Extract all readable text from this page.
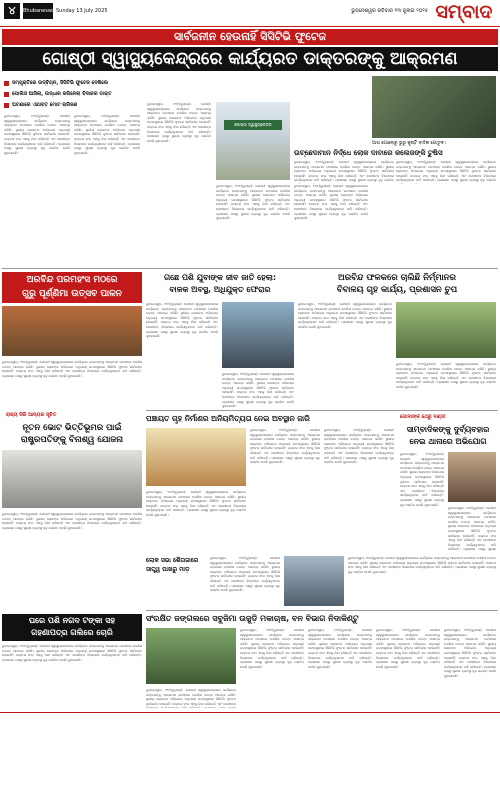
୪	Bhubaneswar
Sunday 13 July 2025	ଭୁବନେଶ୍ୱର ରବିବାର ୧୩ ଜୁଲାଇ ୨୦୨୫ ସମ୍ବାଦ
ସାର୍ବଜନୀନ ହେଉନାହିଁ ସିସିଟିଭି ଫୁଟେଜ
ଗୋଷ୍ଠୀ ସ୍ୱାସ୍ଥ୍ୟକେନ୍ଦ୍ରରେ କାର୍ଯ୍ୟରତ ଡାକ୍ତରଙ୍କୁ ଆକ୍ରମଣ
ସମ୍ପୃକ୍ତିରେ ଉଦ୍‌ବିଗ୍ନ, ସିସିଟିଭି ଫୁଟେଜ ଦେଖିଲେ
ପୋଲିସ ଆସିଲା, ଉଦ୍ଧାର କରିନେଲା ବିଦାକର ଡାକ୍ତ
ଘଟଣାରେ ଏଯାବତ ମୋଟ ଚାରିଜଣ
ଭୁବନେଶ୍ୱର, ୧୨ା୭(ବ୍ୟୁରୋ): ଗୋଷ୍ଠୀ ସ୍ୱାସ୍ଥ୍ୟକେନ୍ଦ୍ରରେ କାର୍ଯ୍ୟରତ ଡାକ୍ତରଙ୍କୁ ଆକ୍ରମଣ ଘଟଣାରେ ପୋଲିସ ତଦନ୍ତ ଆରମ୍ଭ କରିଛି। ସ୍ଥାନୀୟ ଲୋକଙ୍କ ଅଭିଯୋଗ ଅନୁଯାୟୀ ଘଟଣାସ୍ଥଳରେ ସିସିଟିଭି ଫୁଟେଜ ସାର୍ବଜନୀନ ହେଉନାହିଁ। ଡାକ୍ତର ସଂଘ ଏହାକୁ ନିନ୍ଦା କରିଛନ୍ତି ଏବଂ ଦୋଷୀଙ୍କ ବିରୋଧରେ କାର୍ଯ୍ୟାନୁଷ୍ଠାନ ଦାବି କରିଛନ୍ତି। ପ୍ରଶାସନ ପକ୍ଷରୁ ସୁରକ୍ଷା ବ୍ୟବସ୍ଥା ଦୃଢ଼ କରାଯିବ ବୋଲି କୁହାଯାଇଛି।
ଭୁବନେଶ୍ୱର, ୧୨ା୭(ବ୍ୟୁରୋ): ଗୋଷ୍ଠୀ ସ୍ୱାସ୍ଥ୍ୟକେନ୍ଦ୍ରରେ କାର୍ଯ୍ୟରତ ଡାକ୍ତରଙ୍କୁ ଆକ୍ରମଣ ଘଟଣାରେ ପୋଲିସ ତଦନ୍ତ ଆରମ୍ଭ କରିଛି। ସ୍ଥାନୀୟ ଲୋକଙ୍କ ଅଭିଯୋଗ ଅନୁଯାୟୀ ଘଟଣାସ୍ଥଳରେ ସିସିଟିଭି ଫୁଟେଜ ସାର୍ବଜନୀନ ହେଉନାହିଁ। ଡାକ୍ତର ସଂଘ ଏହାକୁ ନିନ୍ଦା କରିଛନ୍ତି ଏବଂ ଦୋଷୀଙ୍କ ବିରୋଧରେ କାର୍ଯ୍ୟାନୁଷ୍ଠାନ ଦାବି କରିଛନ୍ତି। ପ୍ରଶାସନ ପକ୍ଷରୁ ସୁରକ୍ଷା ବ୍ୟବସ୍ଥା ଦୃଢ଼ କରାଯିବ ବୋଲି କୁହାଯାଇଛି।
ଭୁବନେଶ୍ୱର, ୧୨ା୭(ବ୍ୟୁରୋ): ଗୋଷ୍ଠୀ ସ୍ୱାସ୍ଥ୍ୟକେନ୍ଦ୍ରରେ କାର୍ଯ୍ୟରତ ଡାକ୍ତରଙ୍କୁ ଆକ୍ରମଣ ଘଟଣାରେ ପୋଲିସ ତଦନ୍ତ ଆରମ୍ଭ କରିଛି। ସ୍ଥାନୀୟ ଲୋକଙ୍କ ଅଭିଯୋଗ ଅନୁଯାୟୀ ଘଟଣାସ୍ଥଳରେ ସିସିଟିଭି ଫୁଟେଜ ସାର୍ବଜନୀନ ହେଉନାହିଁ। ଡାକ୍ତର ସଂଘ ଏହାକୁ ନିନ୍ଦା କରିଛନ୍ତି ଏବଂ ଦୋଷୀଙ୍କ ବିରୋଧରେ କାର୍ଯ୍ୟାନୁଷ୍ଠାନ ଦାବି କରିଛନ୍ତି। ପ୍ରଶାସନ ପକ୍ଷରୁ ସୁରକ୍ଷା ବ୍ୟବସ୍ଥା ଦୃଢ଼ କରାଯିବ ବୋଲି କୁହାଯାଇଛି।
ଗୋଷ୍ଠୀ ସ୍ୱାସ୍ଥ୍ୟକେନ୍ଦ୍ର
ଭୁବନେଶ୍ୱର, ୧୨ା୭(ବ୍ୟୁରୋ): ଗୋଷ୍ଠୀ ସ୍ୱାସ୍ଥ୍ୟକେନ୍ଦ୍ରରେ କାର୍ଯ୍ୟରତ ଡାକ୍ତରଙ୍କୁ ଆକ୍ରମଣ ଘଟଣାରେ ପୋଲିସ ତଦନ୍ତ ଆରମ୍ଭ କରିଛି। ସ୍ଥାନୀୟ ଲୋକଙ୍କ ଅଭିଯୋଗ ଅନୁଯାୟୀ ଘଟଣାସ୍ଥଳରେ ସିସିଟିଭି ଫୁଟେଜ ସାର୍ବଜନୀନ ହେଉନାହିଁ। ଡାକ୍ତର ସଂଘ ଏହାକୁ ନିନ୍ଦା କରିଛନ୍ତି ଏବଂ ଦୋଷୀଙ୍କ ବିରୋଧରେ କାର୍ଯ୍ୟାନୁଷ୍ଠାନ ଦାବି କରିଛନ୍ତି। ପ୍ରଶାସନ ପକ୍ଷରୁ ସୁରକ୍ଷା ବ୍ୟବସ୍ଥା ଦୃଢ଼ କରାଯିବ ବୋଲି କୁହାଯାଇଛି।
ଭୁବନେଶ୍ୱର, ୧୨ା୭(ବ୍ୟୁରୋ): ଗୋଷ୍ଠୀ ସ୍ୱାସ୍ଥ୍ୟକେନ୍ଦ୍ରରେ କାର୍ଯ୍ୟରତ ଡାକ୍ତରଙ୍କୁ ଆକ୍ରମଣ ଘଟଣାରେ ପୋଲିସ ତଦନ୍ତ ଆରମ୍ଭ କରିଛି। ସ୍ଥାନୀୟ ଲୋକଙ୍କ ଅଭିଯୋଗ ଅନୁଯାୟୀ ଘଟଣାସ୍ଥଳରେ ସିସିଟିଭି ଫୁଟେଜ ସାର୍ବଜନୀନ ହେଉନାହିଁ। ଡାକ୍ତର ସଂଘ ଏହାକୁ ନିନ୍ଦା କରିଛନ୍ତି ଏବଂ ଦୋଷୀଙ୍କ ବିରୋଧରେ କାର୍ଯ୍ୟାନୁଷ୍ଠାନ ଦାବି କରିଛନ୍ତି। ପ୍ରଶାସନ ପକ୍ଷରୁ ସୁରକ୍ଷା ବ୍ୟବସ୍ଥା ଦୃଢ଼ କରାଯିବ ବୋଲି କୁହାଯାଇଛି।
ଆଘ ପୋଲୋରୁ ଭୁରୁ କୁଷ୍ଟି ବାଦିକ ଗୋତୁଳ।
ଉଚ୍ଛେଦାମାନ ନିର୍ଦ୍ଧେ ଲୋକ ଦାବାରେ କଲେଜଙ୍କି ଟୁଷିସ
ଭୁବନେଶ୍ୱର, ୧୨ା୭(ବ୍ୟୁରୋ): ଗୋଷ୍ଠୀ ସ୍ୱାସ୍ଥ୍ୟକେନ୍ଦ୍ରରେ କାର୍ଯ୍ୟରତ ଡାକ୍ତରଙ୍କୁ ଆକ୍ରମଣ ଘଟଣାରେ ପୋଲିସ ତଦନ୍ତ ଆରମ୍ଭ କରିଛି। ସ୍ଥାନୀୟ ଲୋକଙ୍କ ଅଭିଯୋଗ ଅନୁଯାୟୀ ଘଟଣାସ୍ଥଳରେ ସିସିଟିଭି ଫୁଟେଜ ସାର୍ବଜନୀନ ହେଉନାହିଁ। ଡାକ୍ତର ସଂଘ ଏହାକୁ ନିନ୍ଦା କରିଛନ୍ତି ଏବଂ ଦୋଷୀଙ୍କ ବିରୋଧରେ କାର୍ଯ୍ୟାନୁଷ୍ଠାନ ଦାବି କରିଛନ୍ତି। ପ୍ରଶାସନ ପକ୍ଷରୁ ସୁରକ୍ଷା ବ୍ୟବସ୍ଥା ଦୃଢ଼ କରାଯିବ
ଭୁବନେଶ୍ୱର, ୧୨ା୭(ବ୍ୟୁରୋ): ଗୋଷ୍ଠୀ ସ୍ୱାସ୍ଥ୍ୟକେନ୍ଦ୍ରରେ କାର୍ଯ୍ୟରତ ଡାକ୍ତରଙ୍କୁ ଆକ୍ରମଣ ଘଟଣାରେ ପୋଲିସ ତଦନ୍ତ ଆରମ୍ଭ କରିଛି। ସ୍ଥାନୀୟ ଲୋକଙ୍କ ଅଭିଯୋଗ ଅନୁଯାୟୀ ଘଟଣାସ୍ଥଳରେ ସିସିଟିଭି ଫୁଟେଜ ସାର୍ବଜନୀନ ହେଉନାହିଁ। ଡାକ୍ତର ସଂଘ ଏହାକୁ ନିନ୍ଦା କରିଛନ୍ତି ଏବଂ ଦୋଷୀଙ୍କ ବିରୋଧରେ କାର୍ଯ୍ୟାନୁଷ୍ଠାନ ଦାବି କରିଛନ୍ତି। ପ୍ରଶାସନ ପକ୍ଷରୁ ସୁରକ୍ଷା ବ୍ୟବସ୍ଥା ଦୃଢ଼ କରାଯିବ
ଅରବିନ୍ଦ ପରମହଂସ ମଠରେ
ଗୁରୁ ପୂର୍ଣ୍ଣିମା ଉତ୍ସବ ପାଳନ
ଭୁବନେଶ୍ୱର, ୧୨ା୭(ବ୍ୟୁରୋ): ଗୋଷ୍ଠୀ ସ୍ୱାସ୍ଥ୍ୟକେନ୍ଦ୍ରରେ କାର୍ଯ୍ୟରତ ଡାକ୍ତରଙ୍କୁ ଆକ୍ରମଣ ଘଟଣାରେ ପୋଲିସ ତଦନ୍ତ ଆରମ୍ଭ କରିଛି। ସ୍ଥାନୀୟ ଲୋକଙ୍କ ଅଭିଯୋଗ ଅନୁଯାୟୀ ଘଟଣାସ୍ଥଳରେ ସିସିଟିଭି ଫୁଟେଜ ସାର୍ବଜନୀନ ହେଉନାହିଁ। ଡାକ୍ତର ସଂଘ ଏହାକୁ ନିନ୍ଦା କରିଛନ୍ତି ଏବଂ ଦୋଷୀଙ୍କ ବିରୋଧରେ କାର୍ଯ୍ୟାନୁଷ୍ଠାନ ଦାବି କରିଛନ୍ତି। ପ୍ରଶାସନ ପକ୍ଷରୁ ସୁରକ୍ଷା ବ୍ୟବସ୍ଥା ଦୃଢ଼ କରାଯିବ ବୋଲି କୁହାଯାଇଛି।
ରାଜ୍ୟ ସିରି ଆଦ୍ୟର ସୂଚିତ
ନୂତନ ଭୋଟ ଭିତ୍ତିଭୂମର ପାଇଁ
ରାଷ୍ଟ୍ରପତିଙ୍କୁ ବିନାଶ୍ୱ ଯୋଜନା
ଭୁବନେଶ୍ୱର, ୧୨ା୭(ବ୍ୟୁରୋ): ଗୋଷ୍ଠୀ ସ୍ୱାସ୍ଥ୍ୟକେନ୍ଦ୍ରରେ କାର୍ଯ୍ୟରତ ଡାକ୍ତରଙ୍କୁ ଆକ୍ରମଣ ଘଟଣାରେ ପୋଲିସ ତଦନ୍ତ ଆରମ୍ଭ କରିଛି। ସ୍ଥାନୀୟ ଲୋକଙ୍କ ଅଭିଯୋଗ ଅନୁଯାୟୀ ଘଟଣାସ୍ଥଳରେ ସିସିଟିଭି ଫୁଟେଜ ସାର୍ବଜନୀନ ହେଉନାହିଁ। ଡାକ୍ତର ସଂଘ ଏହାକୁ ନିନ୍ଦା କରିଛନ୍ତି ଏବଂ ଦୋଷୀଙ୍କ ବିରୋଧରେ କାର୍ଯ୍ୟାନୁଷ୍ଠାନ ଦାବି କରିଛନ୍ତି। ପ୍ରଶାସନ ପକ୍ଷରୁ ସୁରକ୍ଷା ବ୍ୟବସ୍ଥା ଦୃଢ଼ କରାଯିବ ବୋଲି କୁହାଯାଇଛି।
ଘରେ ପଶି ନଗଦ ଟଙ୍କା ସହ
ଗହଣାପତ୍ର ଗଲିରେ ଚୋରି
ଭୁବନେଶ୍ୱର, ୧୨ା୭(ବ୍ୟୁରୋ): ଗୋଷ୍ଠୀ ସ୍ୱାସ୍ଥ୍ୟକେନ୍ଦ୍ରରେ କାର୍ଯ୍ୟରତ ଡାକ୍ତରଙ୍କୁ ଆକ୍ରମଣ ଘଟଣାରେ ପୋଲିସ ତଦନ୍ତ ଆରମ୍ଭ କରିଛି। ସ୍ଥାନୀୟ ଲୋକଙ୍କ ଅଭିଯୋଗ ଅନୁଯାୟୀ ଘଟଣାସ୍ଥଳରେ ସିସିଟିଭି ଫୁଟେଜ ସାର୍ବଜନୀନ ହେଉନାହିଁ। ଡାକ୍ତର ସଂଘ ଏହାକୁ ନିନ୍ଦା କରିଛନ୍ତି ଏବଂ ଦୋଷୀଙ୍କ ବିରୋଧରେ କାର୍ଯ୍ୟାନୁଷ୍ଠାନ ଦାବି କରିଛନ୍ତି। ପ୍ରଶାସନ ପକ୍ଷରୁ ସୁରକ୍ଷା ବ୍ୟବସ୍ଥା ଦୃଢ଼ କରାଯିବ ବୋଲି କୁହାଯାଇଛି।
ଗଛେ ପଶି ଯୁବାଙ୍କ ଜୀବ ଜାତି ହେଲା:
ବାଳକ ଅବସ୍ଥ, ଅଧିଯୁକ୍ତ ଫେରାର
ଭୁବନେଶ୍ୱର, ୧୨ା୭(ବ୍ୟୁରୋ): ଗୋଷ୍ଠୀ ସ୍ୱାସ୍ଥ୍ୟକେନ୍ଦ୍ରରେ କାର୍ଯ୍ୟରତ ଡାକ୍ତରଙ୍କୁ ଆକ୍ରମଣ ଘଟଣାରେ ପୋଲିସ ତଦନ୍ତ ଆରମ୍ଭ କରିଛି। ସ୍ଥାନୀୟ ଲୋକଙ୍କ ଅଭିଯୋଗ ଅନୁଯାୟୀ ଘଟଣାସ୍ଥଳରେ ସିସିଟିଭି ଫୁଟେଜ ସାର୍ବଜନୀନ ହେଉନାହିଁ। ଡାକ୍ତର ସଂଘ ଏହାକୁ ନିନ୍ଦା କରିଛନ୍ତି ଏବଂ ଦୋଷୀଙ୍କ ବିରୋଧରେ କାର୍ଯ୍ୟାନୁଷ୍ଠାନ ଦାବି କରିଛନ୍ତି। ପ୍ରଶାସନ ପକ୍ଷରୁ ସୁରକ୍ଷା ବ୍ୟବସ୍ଥା ଦୃଢ଼ କରାଯିବ ବୋଲି କୁହାଯାଇଛି।
ଭୁବନେଶ୍ୱର, ୧୨ା୭(ବ୍ୟୁରୋ): ଗୋଷ୍ଠୀ ସ୍ୱାସ୍ଥ୍ୟକେନ୍ଦ୍ରରେ କାର୍ଯ୍ୟରତ ଡାକ୍ତରଙ୍କୁ ଆକ୍ରମଣ ଘଟଣାରେ ପୋଲିସ ତଦନ୍ତ ଆରମ୍ଭ କରିଛି। ସ୍ଥାନୀୟ ଲୋକଙ୍କ ଅଭିଯୋଗ ଅନୁଯାୟୀ ଘଟଣାସ୍ଥଳରେ ସିସିଟିଭି ଫୁଟେଜ ସାର୍ବଜନୀନ ହେଉନାହିଁ। ଡାକ୍ତର ସଂଘ ଏହାକୁ ନିନ୍ଦା କରିଛନ୍ତି ଏବଂ ଦୋଷୀଙ୍କ ବିରୋଧରେ କାର୍ଯ୍ୟାନୁଷ୍ଠାନ ଦାବି କରିଛନ୍ତି। ପ୍ରଶାସନ ପକ୍ଷରୁ ସୁରକ୍ଷା ବ୍ୟବସ୍ଥା ଦୃଢ଼ କରାଯିବ ବୋଲି କୁହାଯାଇଛି।
ଅରବିନ୍ଦ ଫଳକରେ ଚାଲିଛି ନିର୍ମ୍ମାନର
ବିବାଳୟ ଗୃହ କାର୍ଯ୍ୟ, ପ୍ରଶାସନ ଚୁପ
ଭୁବନେଶ୍ୱର, ୧୨ା୭(ବ୍ୟୁରୋ): ଗୋଷ୍ଠୀ ସ୍ୱାସ୍ଥ୍ୟକେନ୍ଦ୍ରରେ କାର୍ଯ୍ୟରତ ଡାକ୍ତରଙ୍କୁ ଆକ୍ରମଣ ଘଟଣାରେ ପୋଲିସ ତଦନ୍ତ ଆରମ୍ଭ କରିଛି। ସ୍ଥାନୀୟ ଲୋକଙ୍କ ଅଭିଯୋଗ ଅନୁଯାୟୀ ଘଟଣାସ୍ଥଳରେ ସିସିଟିଭି ଫୁଟେଜ ସାର୍ବଜନୀନ ହେଉନାହିଁ। ଡାକ୍ତର ସଂଘ ଏହାକୁ ନିନ୍ଦା କରିଛନ୍ତି ଏବଂ ଦୋଷୀଙ୍କ ବିରୋଧରେ କାର୍ଯ୍ୟାନୁଷ୍ଠାନ ଦାବି କରିଛନ୍ତି। ପ୍ରଶାସନ ପକ୍ଷରୁ ସୁରକ୍ଷା ବ୍ୟବସ୍ଥା ଦୃଢ଼ କରାଯିବ ବୋଲି କୁହାଯାଇଛି।
ଭୁବନେଶ୍ୱର, ୧୨ା୭(ବ୍ୟୁରୋ): ଗୋଷ୍ଠୀ ସ୍ୱାସ୍ଥ୍ୟକେନ୍ଦ୍ରରେ କାର୍ଯ୍ୟରତ ଡାକ୍ତରଙ୍କୁ ଆକ୍ରମଣ ଘଟଣାରେ ପୋଲିସ ତଦନ୍ତ ଆରମ୍ଭ କରିଛି। ସ୍ଥାନୀୟ ଲୋକଙ୍କ ଅଭିଯୋଗ ଅନୁଯାୟୀ ଘଟଣାସ୍ଥଳରେ ସିସିଟିଭି ଫୁଟେଜ ସାର୍ବଜନୀନ ହେଉନାହିଁ। ଡାକ୍ତର ସଂଘ ଏହାକୁ ନିନ୍ଦା କରିଛନ୍ତି ଏବଂ ଦୋଷୀଙ୍କ ବିରୋଧରେ କାର୍ଯ୍ୟାନୁଷ୍ଠାନ ଦାବି କରିଛନ୍ତି। ପ୍ରଶାସନ ପକ୍ଷରୁ ସୁରକ୍ଷା ବ୍ୟବସ୍ଥା ଦୃଢ଼ କରାଯିବ ବୋଲି କୁହାଯାଇଛି।
ପଞ୍ଚାୟତ ଗୃହ ନିର୍ମାଣର ଅନିୟମିତ୍ୟତା ନେଇ ଅବସ୍ଥାନ ଜାରି
ଭୁବନେଶ୍ୱର, ୧୨ା୭(ବ୍ୟୁରୋ): ଗୋଷ୍ଠୀ ସ୍ୱାସ୍ଥ୍ୟକେନ୍ଦ୍ରରେ କାର୍ଯ୍ୟରତ ଡାକ୍ତରଙ୍କୁ ଆକ୍ରମଣ ଘଟଣାରେ ପୋଲିସ ତଦନ୍ତ ଆରମ୍ଭ କରିଛି। ସ୍ଥାନୀୟ ଲୋକଙ୍କ ଅଭିଯୋଗ ଅନୁଯାୟୀ ଘଟଣାସ୍ଥଳରେ ସିସିଟିଭି ଫୁଟେଜ ସାର୍ବଜନୀନ ହେଉନାହିଁ। ଡାକ୍ତର ସଂଘ ଏହାକୁ ନିନ୍ଦା କରିଛନ୍ତି ଏବଂ ଦୋଷୀଙ୍କ ବିରୋଧରେ କାର୍ଯ୍ୟାନୁଷ୍ଠାନ ଦାବି କରିଛନ୍ତି। ପ୍ରଶାସନ ପକ୍ଷରୁ ସୁରକ୍ଷା ବ୍ୟବସ୍ଥା ଦୃଢ଼ କରାଯିବ ବୋଲି କୁହାଯାଇଛି।
ଭୁବନେଶ୍ୱର, ୧୨ା୭(ବ୍ୟୁରୋ): ଗୋଷ୍ଠୀ ସ୍ୱାସ୍ଥ୍ୟକେନ୍ଦ୍ରରେ କାର୍ଯ୍ୟରତ ଡାକ୍ତରଙ୍କୁ ଆକ୍ରମଣ ଘଟଣାରେ ପୋଲିସ ତଦନ୍ତ ଆରମ୍ଭ କରିଛି। ସ୍ଥାନୀୟ ଲୋକଙ୍କ ଅଭିଯୋଗ ଅନୁଯାୟୀ ଘଟଣାସ୍ଥଳରେ ସିସିଟିଭି ଫୁଟେଜ ସାର୍ବଜନୀନ ହେଉନାହିଁ। ଡାକ୍ତର ସଂଘ ଏହାକୁ ନିନ୍ଦା କରିଛନ୍ତି ଏବଂ ଦୋଷୀଙ୍କ ବିରୋଧରେ କାର୍ଯ୍ୟାନୁଷ୍ଠାନ ଦାବି କରିଛନ୍ତି। ପ୍ରଶାସନ ପକ୍ଷରୁ ସୁରକ୍ଷା ବ୍ୟବସ୍ଥା ଦୃଢ଼ କରାଯିବ ବୋଲି କୁହାଯାଇଛି।
ଭୁବନେଶ୍ୱର, ୧୨ା୭(ବ୍ୟୁରୋ): ଗୋଷ୍ଠୀ ସ୍ୱାସ୍ଥ୍ୟକେନ୍ଦ୍ରରେ କାର୍ଯ୍ୟରତ ଡାକ୍ତରଙ୍କୁ ଆକ୍ରମଣ ଘଟଣାରେ ପୋଲିସ ତଦନ୍ତ ଆରମ୍ଭ କରିଛି। ସ୍ଥାନୀୟ ଲୋକଙ୍କ ଅଭିଯୋଗ ଅନୁଯାୟୀ ଘଟଣାସ୍ଥଳରେ ସିସିଟିଭି ଫୁଟେଜ ସାର୍ବଜନୀନ ହେଉନାହିଁ। ଡାକ୍ତର ସଂଘ ଏହାକୁ ନିନ୍ଦା କରିଛନ୍ତି ଏବଂ ଦୋଷୀଙ୍କ ବିରୋଧରେ କାର୍ଯ୍ୟାନୁଷ୍ଠାନ ଦାବି କରିଛନ୍ତି। ପ୍ରଶାସନ ପକ୍ଷରୁ ସୁରକ୍ଷା ବ୍ୟବସ୍ଥା ଦୃଢ଼ କରାଯିବ ବୋଲି କୁହାଯାଇଛି।
ଗୋଦାଙ୍କ ଥେରୁ ଦଣ୍ଡୀ
ସାମ୍ବାଦିକଙ୍କୁ ଦୁର୍ବ୍ୟବହାର
ନେଇ ଥାନାରେ ଅଭିଯୋଗ
ଭୁବନେଶ୍ୱର, ୧୨ା୭(ବ୍ୟୁରୋ): ଗୋଷ୍ଠୀ ସ୍ୱାସ୍ଥ୍ୟକେନ୍ଦ୍ରରେ କାର୍ଯ୍ୟରତ ଡାକ୍ତରଙ୍କୁ ଆକ୍ରମଣ ଘଟଣାରେ ପୋଲିସ ତଦନ୍ତ ଆରମ୍ଭ କରିଛି। ସ୍ଥାନୀୟ ଲୋକଙ୍କ ଅଭିଯୋଗ ଅନୁଯାୟୀ ଘଟଣାସ୍ଥଳରେ ସିସିଟିଭି ଫୁଟେଜ ସାର୍ବଜନୀନ ହେଉନାହିଁ। ଡାକ୍ତର ସଂଘ ଏହାକୁ ନିନ୍ଦା କରିଛନ୍ତି ଏବଂ ଦୋଷୀଙ୍କ ବିରୋଧରେ କାର୍ଯ୍ୟାନୁଷ୍ଠାନ ଦାବି କରିଛନ୍ତି। ପ୍ରଶାସନ ପକ୍ଷରୁ ସୁରକ୍ଷା ବ୍ୟବସ୍ଥା ଦୃଢ଼ କରାଯିବ ବୋଲି କୁହାଯାଇଛି।
ଭୁବନେଶ୍ୱର, ୧୨ା୭(ବ୍ୟୁରୋ): ଗୋଷ୍ଠୀ ସ୍ୱାସ୍ଥ୍ୟକେନ୍ଦ୍ରରେ କାର୍ଯ୍ୟରତ ଡାକ୍ତରଙ୍କୁ ଆକ୍ରମଣ ଘଟଣାରେ ପୋଲିସ ତଦନ୍ତ ଆରମ୍ଭ କରିଛି। ସ୍ଥାନୀୟ ଲୋକଙ୍କ ଅଭିଯୋଗ ଅନୁଯାୟୀ ଘଟଣାସ୍ଥଳରେ ସିସିଟିଭି ଫୁଟେଜ ସାର୍ବଜନୀନ ହେଉନାହିଁ। ଡାକ୍ତର ସଂଘ ଏହାକୁ ନିନ୍ଦା କରିଛନ୍ତି ଏବଂ ଦୋଷୀଙ୍କ ବିରୋଧରେ କାର୍ଯ୍ୟାନୁଷ୍ଠାନ ଦାବି କରିଛନ୍ତି। ପ୍ରଶାସନ ପକ୍ଷରୁ ସୁରକ୍ଷା
ଲୋକ ସଭା ଶୈତାଜାରେ ସାତ୍ତ୍ୱ ପାଖରୁ ମାଡ଼
ଭୁବନେଶ୍ୱର, ୧୨ା୭(ବ୍ୟୁରୋ): ଗୋଷ୍ଠୀ ସ୍ୱାସ୍ଥ୍ୟକେନ୍ଦ୍ରରେ କାର୍ଯ୍ୟରତ ଡାକ୍ତରଙ୍କୁ ଆକ୍ରମଣ ଘଟଣାରେ ପୋଲିସ ତଦନ୍ତ ଆରମ୍ଭ କରିଛି। ସ୍ଥାନୀୟ ଲୋକଙ୍କ ଅଭିଯୋଗ ଅନୁଯାୟୀ ଘଟଣାସ୍ଥଳରେ ସିସିଟିଭି ଫୁଟେଜ ସାର୍ବଜନୀନ ହେଉନାହିଁ। ଡାକ୍ତର ସଂଘ ଏହାକୁ ନିନ୍ଦା କରିଛନ୍ତି ଏବଂ ଦୋଷୀଙ୍କ ବିରୋଧରେ କାର୍ଯ୍ୟାନୁଷ୍ଠାନ ଦାବି କରିଛନ୍ତି। ପ୍ରଶାସନ ପକ୍ଷରୁ ସୁରକ୍ଷା ବ୍ୟବସ୍ଥା ଦୃଢ଼ କରାଯିବ ବୋଲି କୁହାଯାଇଛି।
ଭୁବନେଶ୍ୱର, ୧୨ା୭(ବ୍ୟୁରୋ): ଗୋଷ୍ଠୀ ସ୍ୱାସ୍ଥ୍ୟକେନ୍ଦ୍ରରେ କାର୍ଯ୍ୟରତ ଡାକ୍ତରଙ୍କୁ ଆକ୍ରମଣ ଘଟଣାରେ ପୋଲିସ ତଦନ୍ତ ଆରମ୍ଭ କରିଛି। ସ୍ଥାନୀୟ ଲୋକଙ୍କ ଅଭିଯୋଗ ଅନୁଯାୟୀ ଘଟଣାସ୍ଥଳରେ ସିସିଟିଭି ଫୁଟେଜ ସାର୍ବଜନୀନ ହେଉନାହିଁ। ଡାକ୍ତର ସଂଘ ଏହାକୁ ନିନ୍ଦା କରିଛନ୍ତି ଏବଂ ଦୋଷୀଙ୍କ ବିରୋଧରେ କାର୍ଯ୍ୟାନୁଷ୍ଠାନ ଦାବି କରିଛନ୍ତି। ପ୍ରଶାସନ ପକ୍ଷରୁ ସୁରକ୍ଷା ବ୍ୟବସ୍ଥା ଦୃଢ଼ କରାଯିବ ବୋଲି କୁହାଯାଇଛି।
ସଂରକ୍ଷିତ ଜଙ୍ଗଲରେ ସବୁଜିମା ଉଜୁଡ଼ି ମକାଚାଷ, ବନ ବିଭାଗ ନିଦାକିଣ୍ଟୁ
ଭୁବନେଶ୍ୱର, ୧୨ା୭(ବ୍ୟୁରୋ): ଗୋଷ୍ଠୀ ସ୍ୱାସ୍ଥ୍ୟକେନ୍ଦ୍ରରେ କାର୍ଯ୍ୟରତ ଡାକ୍ତରଙ୍କୁ ଆକ୍ରମଣ ଘଟଣାରେ ପୋଲିସ ତଦନ୍ତ ଆରମ୍ଭ କରିଛି। ସ୍ଥାନୀୟ ଲୋକଙ୍କ ଅଭିଯୋଗ ଅନୁଯାୟୀ ଘଟଣାସ୍ଥଳରେ ସିସିଟିଭି ଫୁଟେଜ ସାର୍ବଜନୀନ ହେଉନାହିଁ। ଡାକ୍ତର ସଂଘ ଏହାକୁ ନିନ୍ଦା କରିଛନ୍ତି ଏବଂ ଦୋଷୀଙ୍କ
ଭୁବନେଶ୍ୱର, ୧୨ା୭(ବ୍ୟୁରୋ): ଗୋଷ୍ଠୀ ସ୍ୱାସ୍ଥ୍ୟକେନ୍ଦ୍ରରେ କାର୍ଯ୍ୟରତ ଡାକ୍ତରଙ୍କୁ ଆକ୍ରମଣ ଘଟଣାରେ ପୋଲିସ ତଦନ୍ତ ଆରମ୍ଭ କରିଛି। ସ୍ଥାନୀୟ ଲୋକଙ୍କ ଅଭିଯୋଗ ଅନୁଯାୟୀ ଘଟଣାସ୍ଥଳରେ ସିସିଟିଭି ଫୁଟେଜ ସାର୍ବଜନୀନ ହେଉନାହିଁ। ଡାକ୍ତର ସଂଘ ଏହାକୁ ନିନ୍ଦା କରିଛନ୍ତି ଏବଂ ଦୋଷୀଙ୍କ ବିରୋଧରେ କାର୍ଯ୍ୟାନୁଷ୍ଠାନ ଦାବି କରିଛନ୍ତି। ପ୍ରଶାସନ ପକ୍ଷରୁ ସୁରକ୍ଷା ବ୍ୟବସ୍ଥା ଦୃଢ଼ କରାଯିବ ବୋଲି କୁହାଯାଇଛି।
ଭୁବନେଶ୍ୱର, ୧୨ା୭(ବ୍ୟୁରୋ): ଗୋଷ୍ଠୀ ସ୍ୱାସ୍ଥ୍ୟକେନ୍ଦ୍ରରେ କାର୍ଯ୍ୟରତ ଡାକ୍ତରଙ୍କୁ ଆକ୍ରମଣ ଘଟଣାରେ ପୋଲିସ ତଦନ୍ତ ଆରମ୍ଭ କରିଛି। ସ୍ଥାନୀୟ ଲୋକଙ୍କ ଅଭିଯୋଗ ଅନୁଯାୟୀ ଘଟଣାସ୍ଥଳରେ ସିସିଟିଭି ଫୁଟେଜ ସାର୍ବଜନୀନ ହେଉନାହିଁ। ଡାକ୍ତର ସଂଘ ଏହାକୁ ନିନ୍ଦା କରିଛନ୍ତି ଏବଂ ଦୋଷୀଙ୍କ ବିରୋଧରେ କାର୍ଯ୍ୟାନୁଷ୍ଠାନ ଦାବି କରିଛନ୍ତି। ପ୍ରଶାସନ ପକ୍ଷରୁ ସୁରକ୍ଷା ବ୍ୟବସ୍ଥା ଦୃଢ଼ କରାଯିବ ବୋଲି କୁହାଯାଇଛି।
ଭୁବନେଶ୍ୱର, ୧୨ା୭(ବ୍ୟୁରୋ): ଗୋଷ୍ଠୀ ସ୍ୱାସ୍ଥ୍ୟକେନ୍ଦ୍ରରେ କାର୍ଯ୍ୟରତ ଡାକ୍ତରଙ୍କୁ ଆକ୍ରମଣ ଘଟଣାରେ ପୋଲିସ ତଦନ୍ତ ଆରମ୍ଭ କରିଛି। ସ୍ଥାନୀୟ ଲୋକଙ୍କ ଅଭିଯୋଗ ଅନୁଯାୟୀ ଘଟଣାସ୍ଥଳରେ ସିସିଟିଭି ଫୁଟେଜ ସାର୍ବଜନୀନ ହେଉନାହିଁ। ଡାକ୍ତର ସଂଘ ଏହାକୁ ନିନ୍ଦା କରିଛନ୍ତି ଏବଂ ଦୋଷୀଙ୍କ ବିରୋଧରେ କାର୍ଯ୍ୟାନୁଷ୍ଠାନ ଦାବି କରିଛନ୍ତି। ପ୍ରଶାସନ ପକ୍ଷରୁ ସୁରକ୍ଷା ବ୍ୟବସ୍ଥା ଦୃଢ଼ କରାଯିବ ବୋଲି କୁହାଯାଇଛି।
ଭୁବନେଶ୍ୱର, ୧୨ା୭(ବ୍ୟୁରୋ): ଗୋଷ୍ଠୀ ସ୍ୱାସ୍ଥ୍ୟକେନ୍ଦ୍ରରେ କାର୍ଯ୍ୟରତ ଡାକ୍ତରଙ୍କୁ ଆକ୍ରମଣ ଘଟଣାରେ ପୋଲିସ ତଦନ୍ତ ଆରମ୍ଭ କରିଛି। ସ୍ଥାନୀୟ ଲୋକଙ୍କ ଅଭିଯୋଗ ଅନୁଯାୟୀ ଘଟଣାସ୍ଥଳରେ ସିସିଟିଭି ଫୁଟେଜ ସାର୍ବଜନୀନ ହେଉନାହିଁ। ଡାକ୍ତର ସଂଘ ଏହାକୁ ନିନ୍ଦା କରିଛନ୍ତି ଏବଂ ଦୋଷୀଙ୍କ ବିରୋଧରେ କାର୍ଯ୍ୟାନୁଷ୍ଠାନ ଦାବି କରିଛନ୍ତି। ପ୍ରଶାସନ ପକ୍ଷରୁ ସୁରକ୍ଷା ବ୍ୟବସ୍ଥା ଦୃଢ଼ କରାଯିବ ବୋଲି କୁହାଯାଇଛି।
